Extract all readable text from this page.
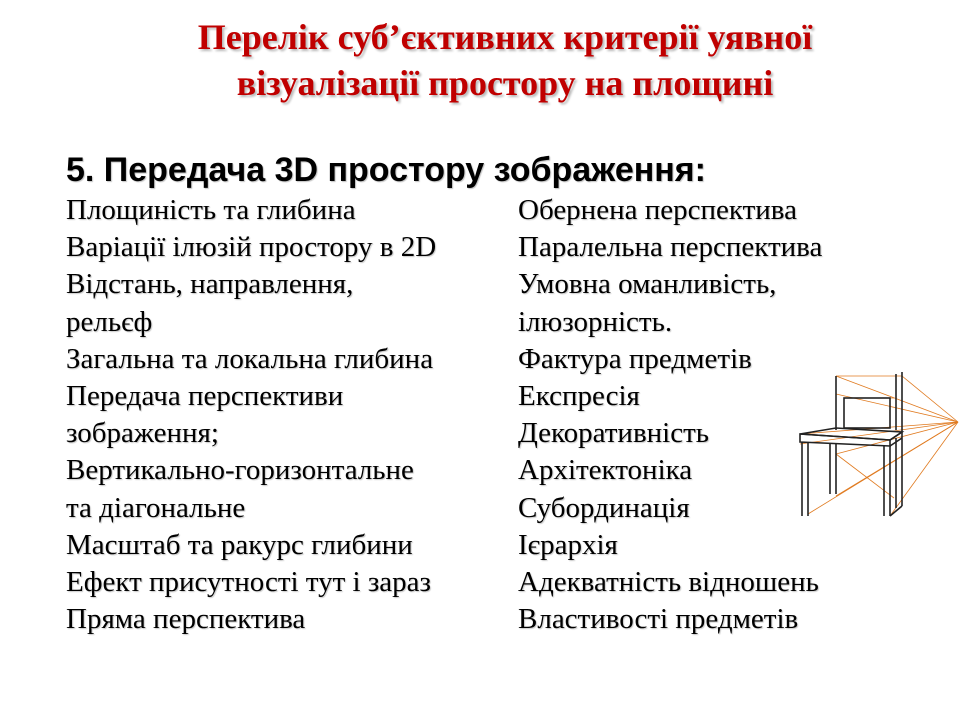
Перелік суб’єктивних критерії уявної
візуалізації простору на площині
5. Передача 3D простору зображення:
Площиність та глибина
Варіації ілюзій простору в 2D
Відстань, направлення,
рельєф
Загальна та локальна глибина
Передача перспективи
зображення;
Вертикально-горизонтальне
та діагональне
Масштаб та ракурс глибини
Ефект присутності тут і зараз
Пряма перспектива
Обернена перспектива
Паралельна перспектива
Умовна оманливість,
ілюзорність.
Фактура предметів
Експресія
Декоративність
Архітектоніка
Субординація
Ієрархія
Адекватність відношень
Властивості предметів
